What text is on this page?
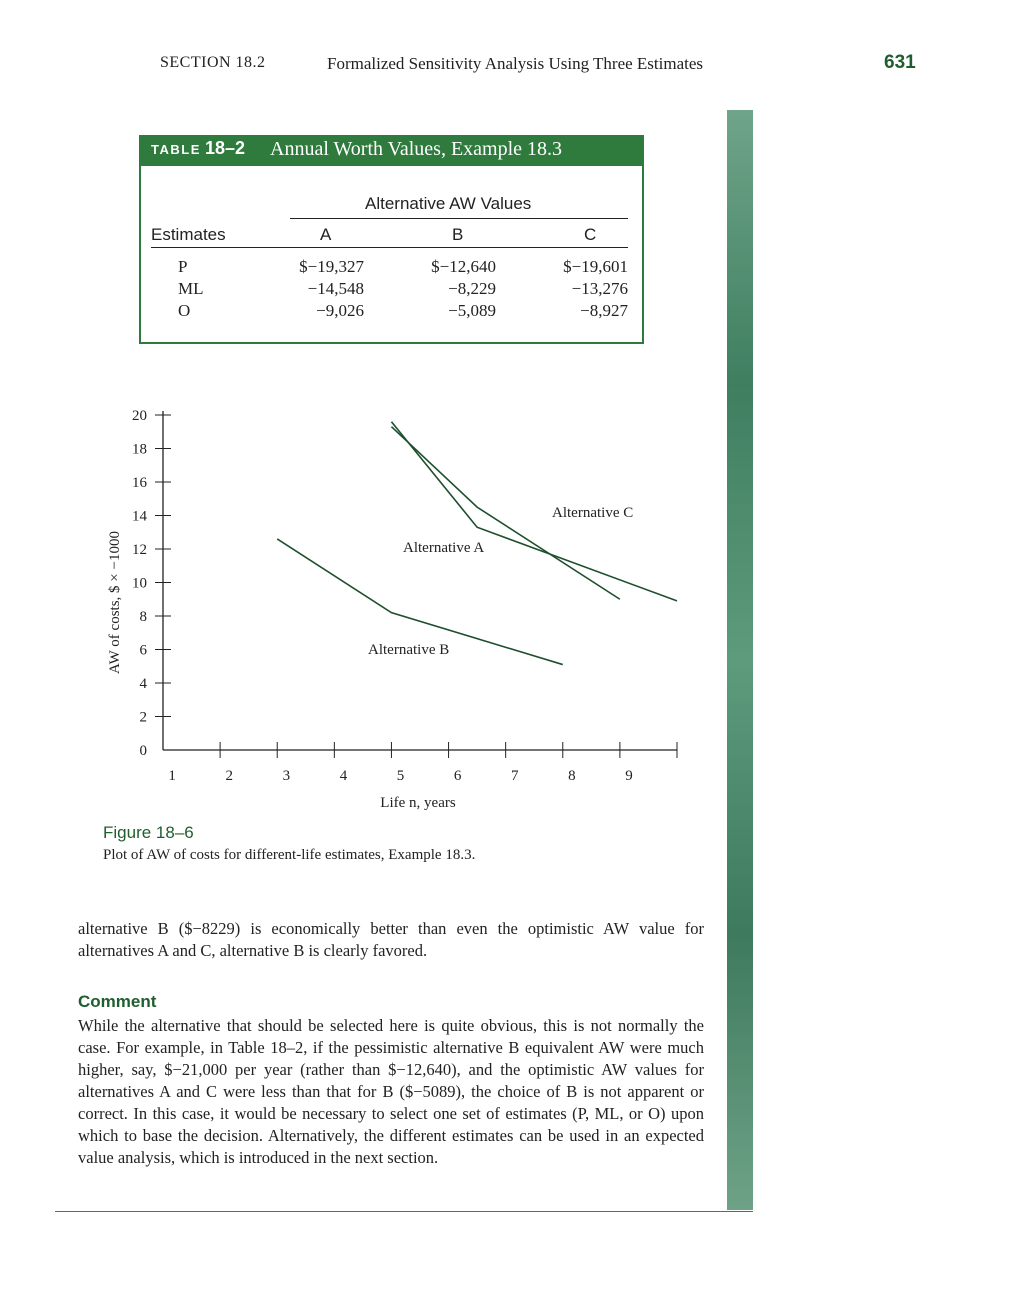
SECTION 18.2	Formalized Sensitivity Analysis Using Three Estimates	631
TABLE 18–2 Annual Worth Values, Example 18.3
Alternative AW Values
Estimates	A	B	C
P	$−19,327	$−12,640	$−19,601
ML	−14,548	−8,229	−13,276
O	−9,026	−5,089	−8,927
0
2
4
6
8
10
12
14
16
18
20
1	2	3	4	5	6	7	8	9
Life n, years
AW of costs, $ × −1000	Alternative A
Alternative B
Alternative C
Figure 18–6
Plot of AW of costs for different-life estimates, Example 18.3.
alternative B ($−8229) is economically better than even the optimistic AW value for alternatives A and C, alternative B is clearly favored.
Comment
While the alternative that should be selected here is quite obvious, this is not normally the case. For example, in Table 18–2, if the pessimistic alternative B equivalent AW were much higher, say, $−21,000 per year (rather than $−12,640), and the optimistic AW values for alternatives A and C were less than that for B ($−5089), the choice of B is not apparent or correct. In this case, it would be necessary to select one set of estimates (P, ML, or O) upon which to base the decision. Alternatively, the different estimates can be used in an expected value analysis, which is introduced in the next section.
